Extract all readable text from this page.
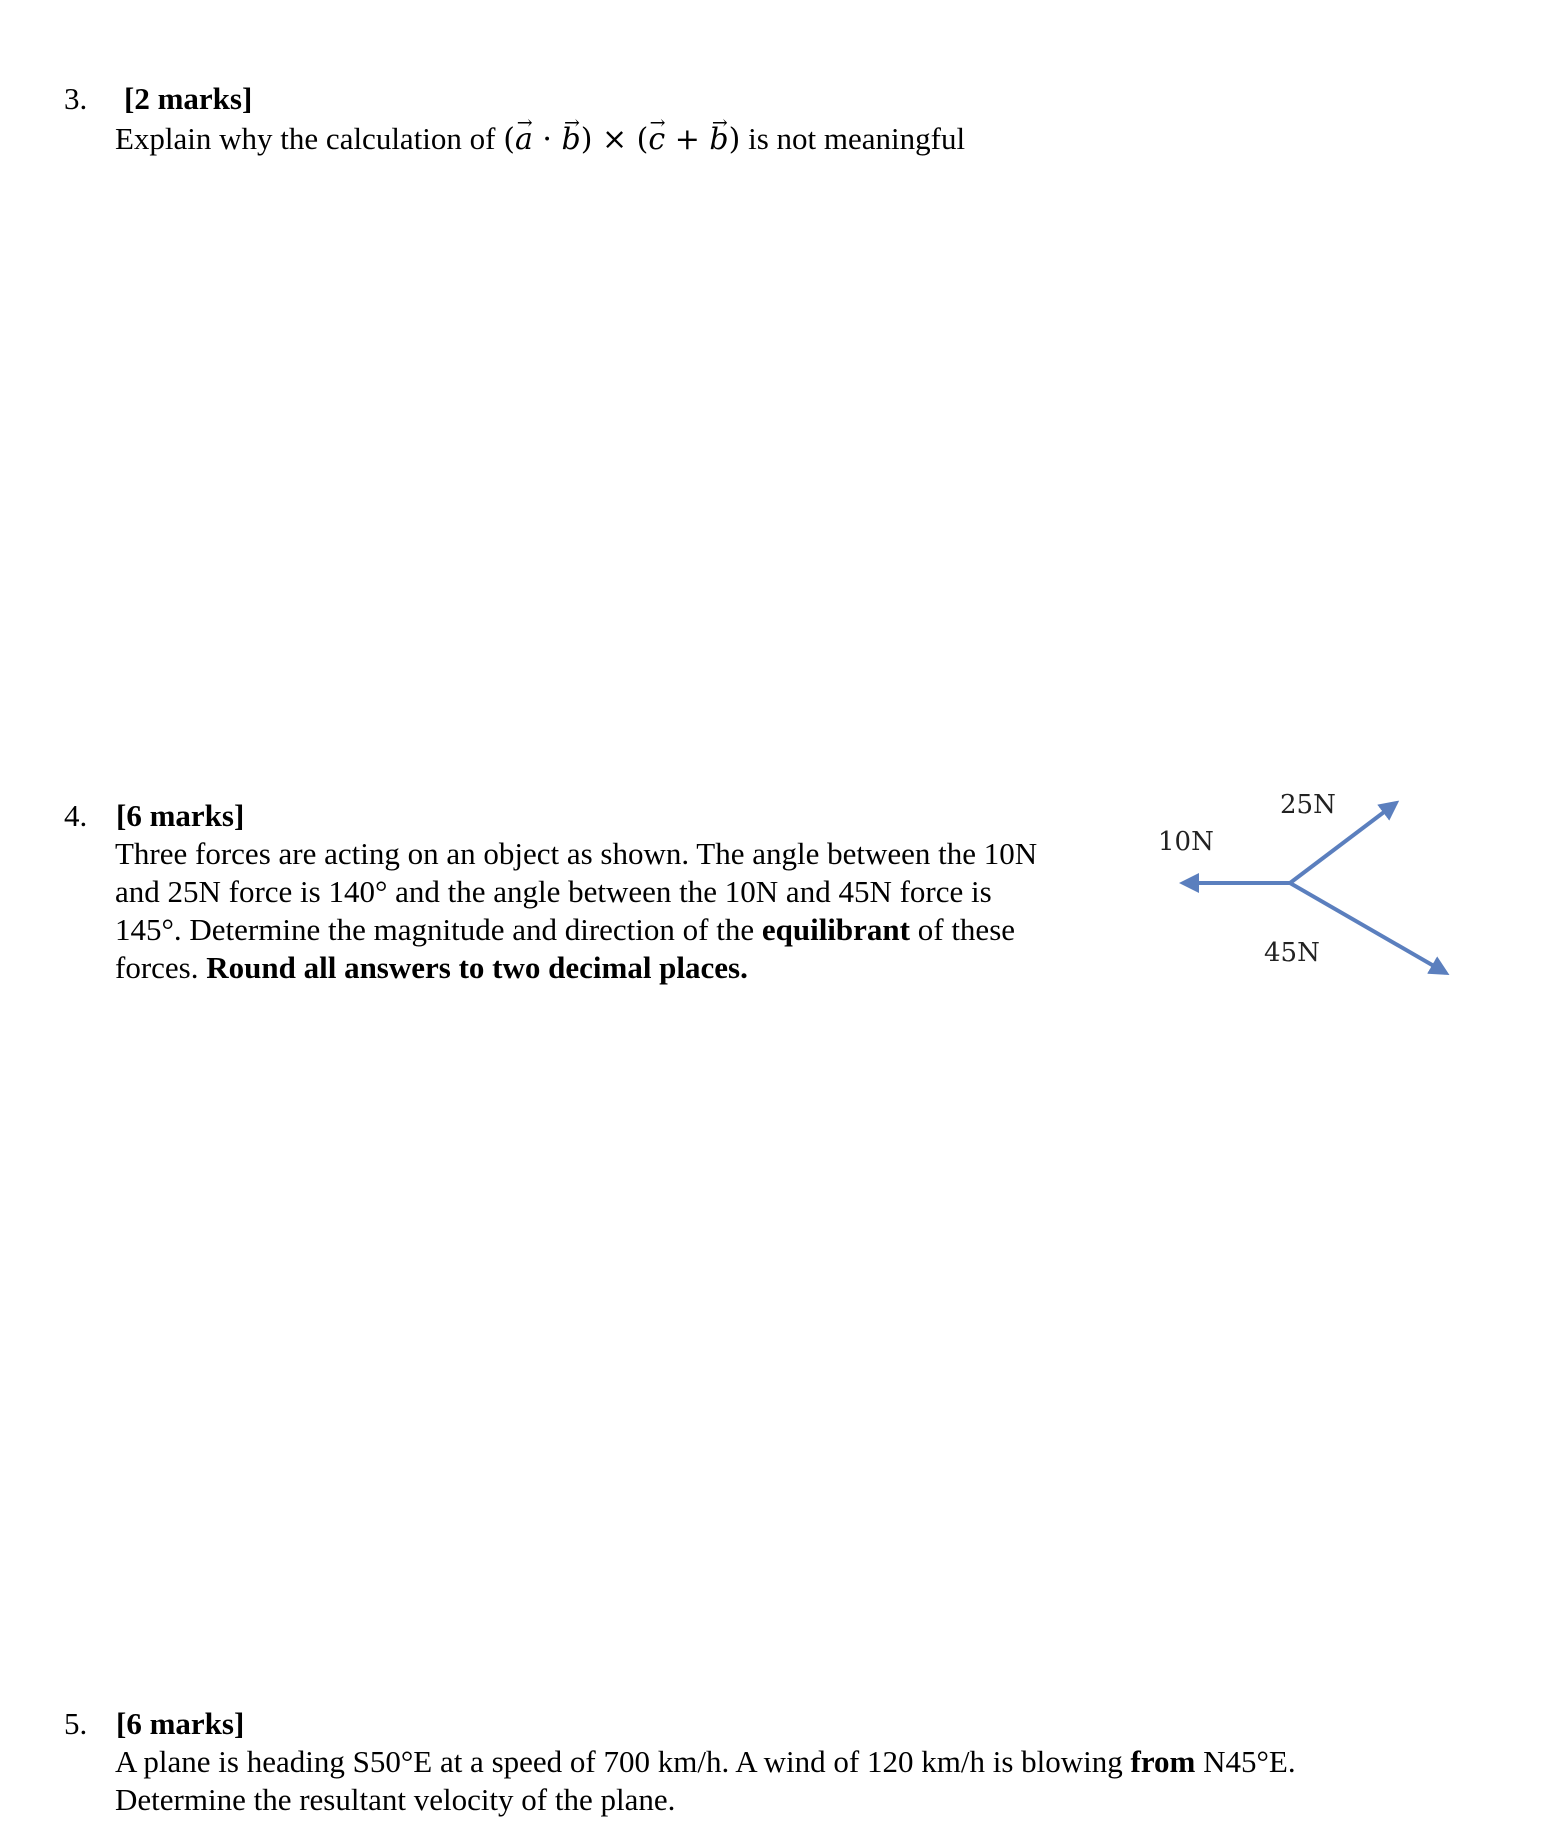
3. [2 marks]
Explain why the calculation of (a → · b →) × (c → + b →) is not meaningful
4. [6 marks]
Three forces are acting on an object as shown. The angle between the 10N
and 25N force is 140° and the angle between the 10N and 45N force is
145°. Determine the magnitude and direction of the equilibrant of these
forces. Round all answers to two decimal places.
10N
25N
45N
5. [6 marks]
A plane is heading S50°E at a speed of 700 km/h. A wind of 120 km/h is blowing from N45°E.
Determine the resultant velocity of the plane.
